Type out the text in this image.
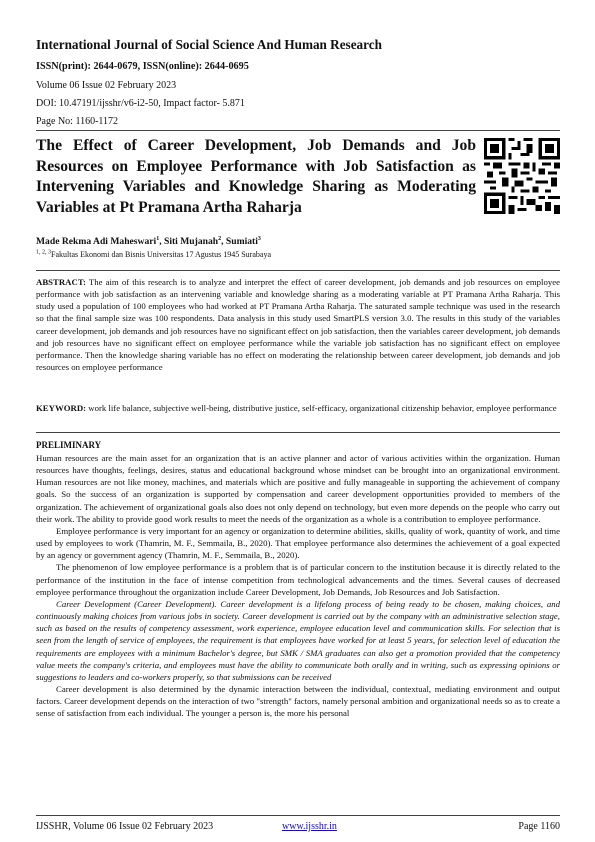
International Journal of Social Science And Human Research
ISSN(print): 2644-0679, ISSN(online): 2644-0695
Volume 06 Issue 02 February 2023
DOI: 10.47191/ijsshr/v6-i2-50, Impact factor- 5.871
Page No: 1160-1172
The Effect of Career Development, Job Demands and Job Resources on Employee Performance with Job Satisfaction as Intervening Variables and Knowledge Sharing as Moderating Variables at Pt Pramana Artha Raharja
Made Rekma Adi Maheswari$^1$, Siti Mujanah$^2$, Sumiati$^3$
$^{1, 2, 3}$Fakultas Ekonomi dan Bisnis Universitas 17 Agustus 1945 Surabaya
ABSTRACT: The aim of this research is to analyze and interpret the effect of career development, job demands and job resources on employee performance with job satisfaction as an intervening variable and knowledge sharing as a moderating variable at PT Pramana Artha Raharja. This study used a population of 100 employees who had worked at PT Pramana Artha Raharja. The saturated sample technique was used in the research so that the final sample size was 100 respondents. Data analysis in this study used SmartPLS version 3.0. The results in this study of the variables career development, job demands and job resources have no significant effect on job satisfaction, then the variables career development, job demands and job resources have no significant effect on employee performance while the variable job satisfaction has no significant effect on employee performance. Then the knowledge sharing variable has no effect on moderating the relationship between career development, job demands and job resources on employee performance
KEYWORD: work life balance, subjective well-being, distributive justice, self-efficacy, organizational citizenship behavior, employee performance
PRELIMINARY

Human resources are the main asset for an organization that is an active planner and actor of various activities within the organization. Human resources have thoughts, feelings, desires, status and educational background whose mindset can be brought into an organizational environment. Human resources are not like money, machines, and materials which are positive and fully manageable in supporting the achievement of company goals. So the success of an organization is supported by compensation and career development opportunities provided to members of the organization. The achievement of organizational goals also does not only depend on technology, but even more depends on the people who carry out their work. The ability to provide good work results to meet the needs of the organization as a whole is a contribution to employee performance.

Employee performance is very important for an agency or organization to determine abilities, skills, quality of work, quantity of work, and time used by employees to work (Thamrin, M. F., Semmaila, B., 2020). That employee performance also determines the achievement of a goal expected by an agency or government agency (Thamrin, M. F., Semmaila, B., 2020).

The phenomenon of low employee performance is a problem that is of particular concern to the institution because it is directly related to the performance of the institution in the face of intense competition from technological advancements and the times. Several causes of decreased employee performance throughout the organization include Career Development, Job Demands, Job Resources and Job Satisfaction.

Career Development (Career Development). Career development is a lifelong process of being ready to be chosen, making choices, and continuously making choices from various jobs in society. Career development is carried out by the company with an administrative selection stage, such as based on the results of competency assessment, work experience, employee education level and communication skills. For selection that is seen from the length of service of employees, the requirement is that employees have worked for at least 5 years, for selection level of education the requirements are employees with a minimum Bachelor's degree, but SMK / SMA graduates can also get a promotion provided that the competency value meets the company's criteria, and employees must have the ability to communicate both orally and in writing, such as expressing opinions or suggestions to leaders and co-workers properly, so that submissions can be received

Career development is also determined by the dynamic interaction between the individual, contextual, mediating environment and output factors. Career development depends on the interaction of two "strength" factors, namely personal ambition and organizational needs so as to create a sense of satisfaction from each individual. The younger a person is, the more his personal

IJSSHR, Volume 06 Issue 02 February 2023	www.ijsshr.in	Page 1160
